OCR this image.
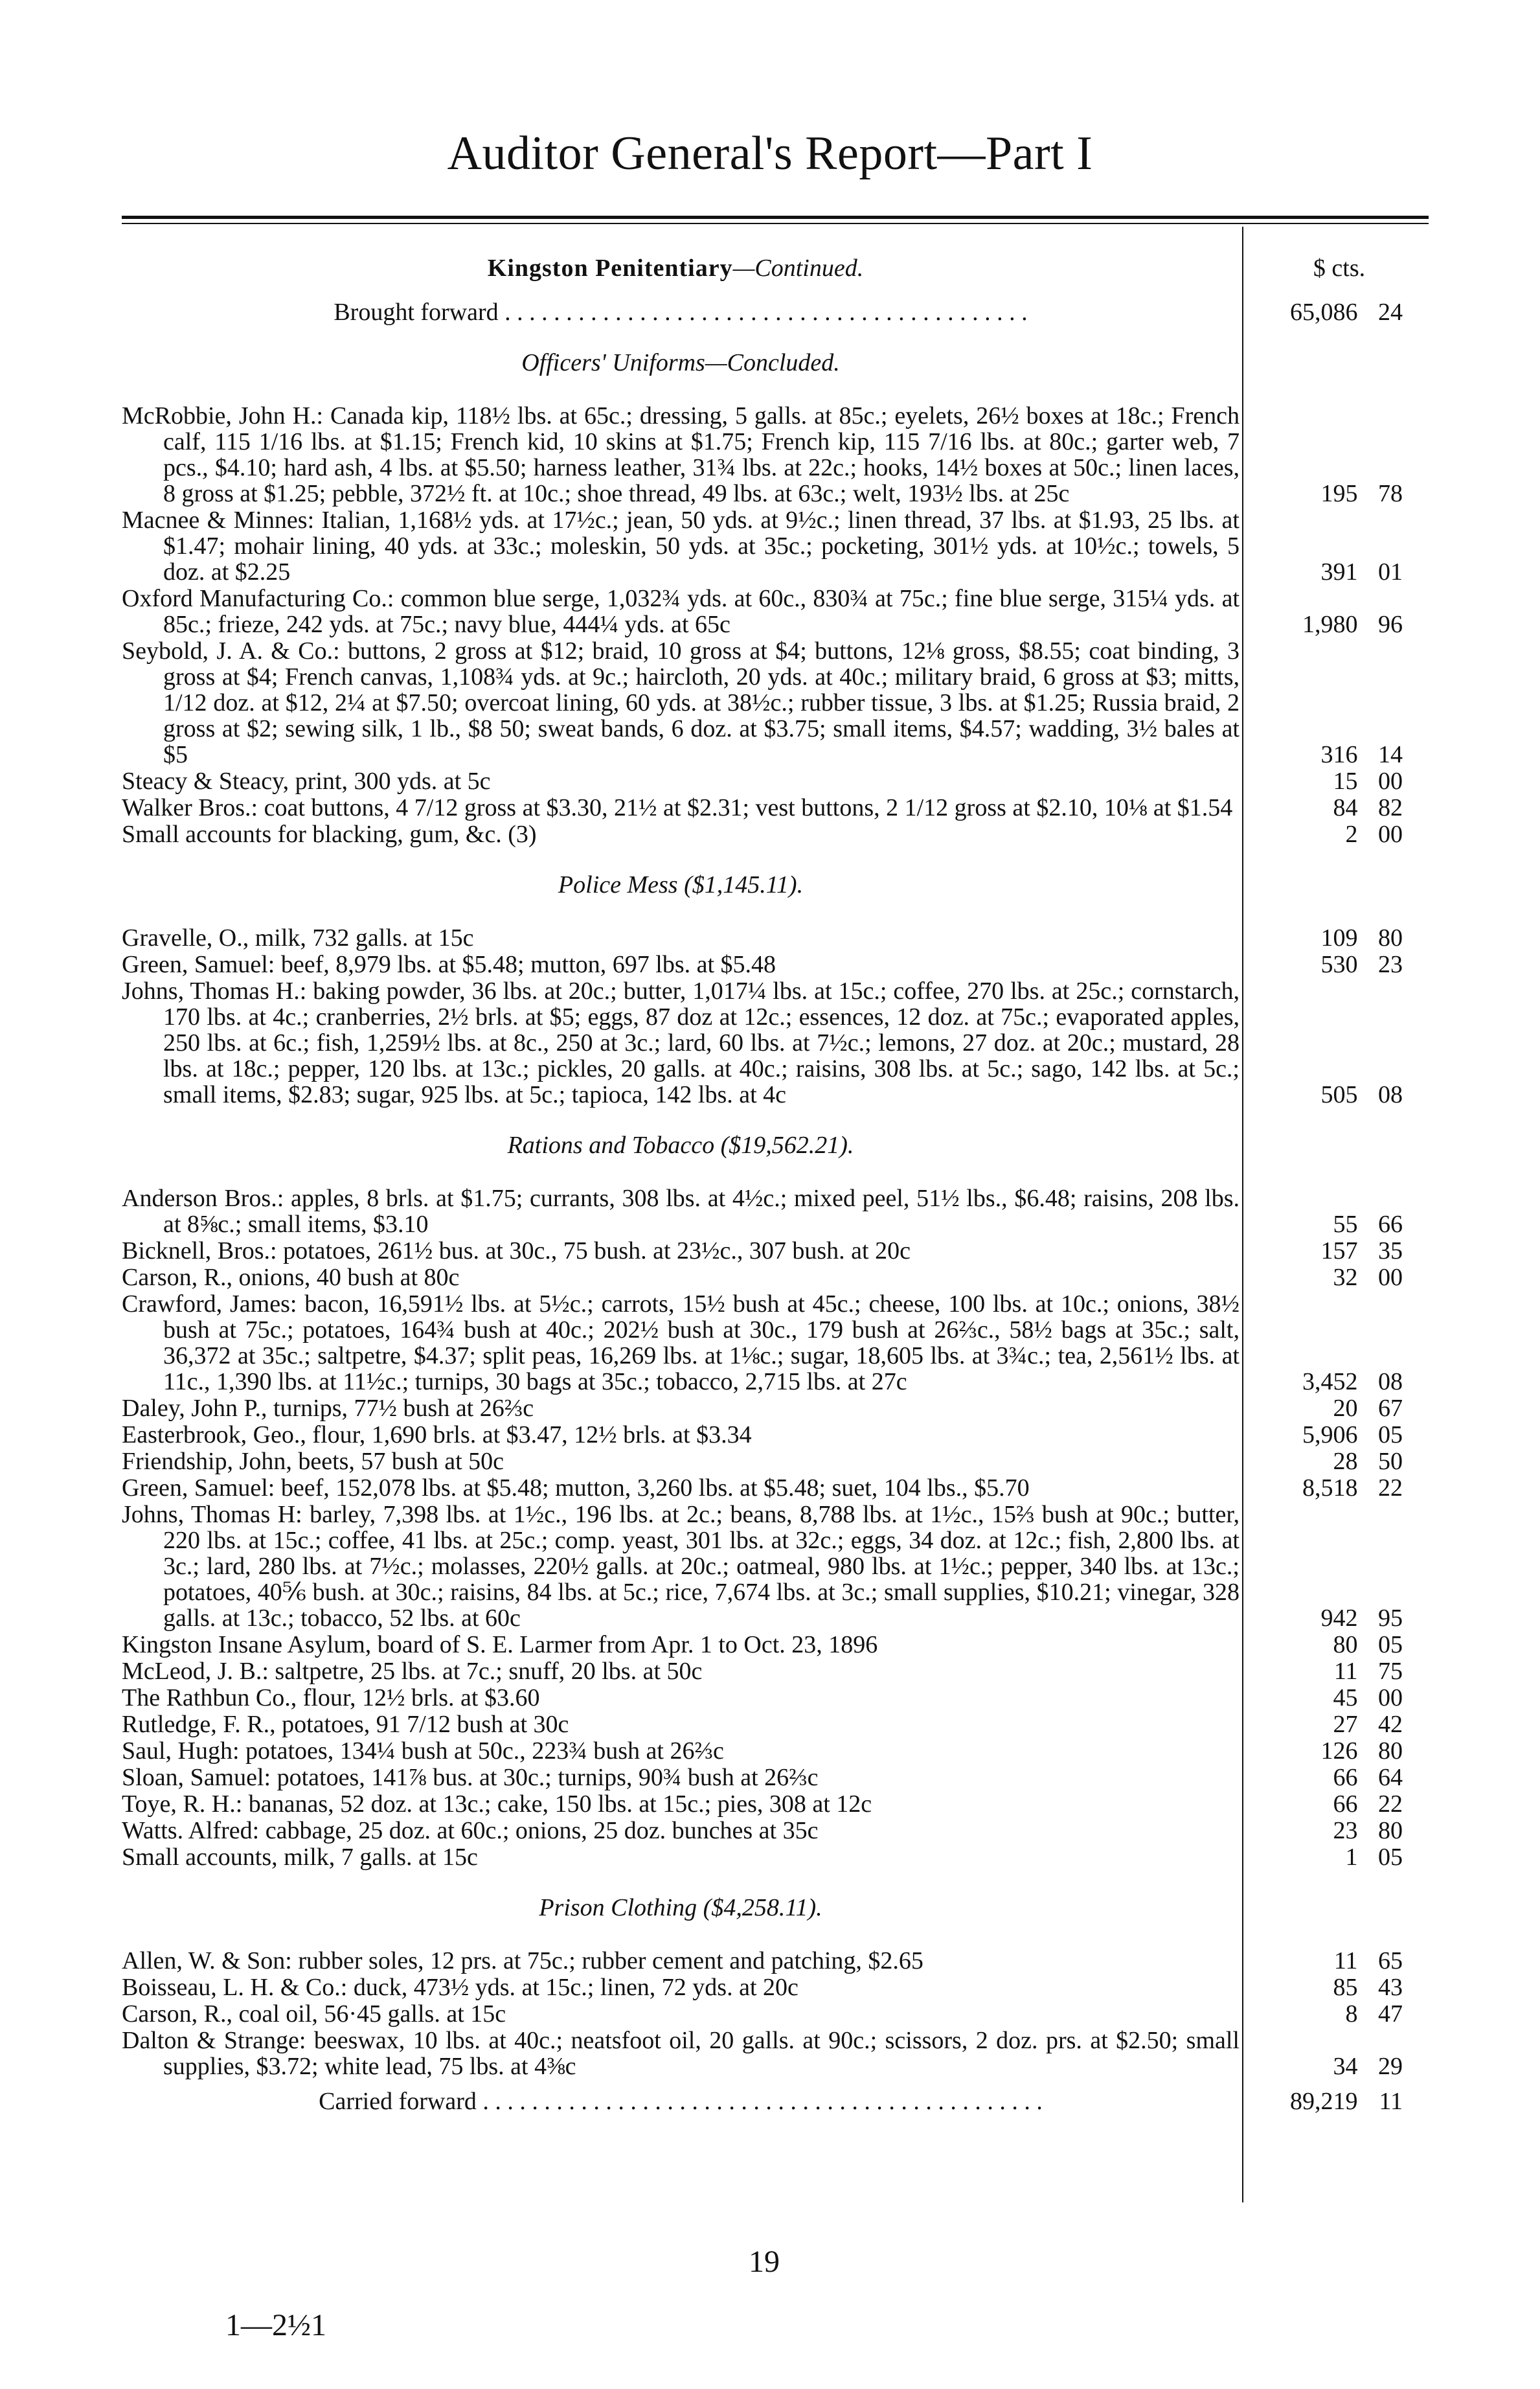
Auditor General's Report—Part I
Kingston Penitentiary—Continued.	$ cts.
Brought forward . . . . . . . . . . . . . . . . . . . . . . . . . . . . . . . . . . . . . . . . . . .	65,086 24
Officers' Uniforms—Concluded.
McRobbie, John H.: Canada kip, 118½ lbs. at 65c.; dressing, 5 galls. at 85c.; eyelets, 26½ boxes at 18c.; French calf, 115 1/16 lbs. at $1.15; French kid, 10 skins at $1.75; French kip, 115 7/16 lbs. at 80c.; garter web, 7 pcs., $4.10; hard ash, 4 lbs. at $5.50; harness leather, 31¾ lbs. at 22c.; hooks, 14½ boxes at 50c.; linen laces, 8 gross at $1.25; pebble, 372½ ft. at 10c.; shoe thread, 49 lbs. at 63c.; welt, 193½ lbs. at 25c	195 78
Macnee & Minnes: Italian, 1,168½ yds. at 17½c.; jean, 50 yds. at 9½c.; linen thread, 37 lbs. at $1.93, 25 lbs. at $1.47; mohair lining, 40 yds. at 33c.; moleskin, 50 yds. at 35c.; pocketing, 301½ yds. at 10½c.; towels, 5 doz. at $2.25	391 01
Oxford Manufacturing Co.: common blue serge, 1,032¾ yds. at 60c., 830¾ at 75c.; fine blue serge, 315¼ yds. at 85c.; frieze, 242 yds. at 75c.; navy blue, 444¼ yds. at 65c	1,980 96
Seybold, J. A. & Co.: buttons, 2 gross at $12; braid, 10 gross at $4; buttons, 12⅛ gross, $8.55; coat binding, 3 gross at $4; French canvas, 1,108¾ yds. at 9c.; haircloth, 20 yds. at 40c.; military braid, 6 gross at $3; mitts, 1/12 doz. at $12, 2¼ at $7.50; overcoat lining, 60 yds. at 38½c.; rubber tissue, 3 lbs. at $1.25; Russia braid, 2 gross at $2; sewing silk, 1 lb., $8 50; sweat bands, 6 doz. at $3.75; small items, $4.57; wadding, 3½ bales at $5	316 14
Steacy & Steacy, print, 300 yds. at 5c	15 00
Walker Bros.: coat buttons, 4 7/12 gross at $3.30, 21½ at $2.31; vest buttons, 2 1/12 gross at $2.10, 10⅛ at $1.54	84 82
Small accounts for blacking, gum, &c. (3)	2 00
Police Mess ($1,145.11).
Gravelle, O., milk, 732 galls. at 15c	109 80
Green, Samuel: beef, 8,979 lbs. at $5.48; mutton, 697 lbs. at $5.48	530 23
Johns, Thomas H.: baking powder, 36 lbs. at 20c.; butter, 1,017¼ lbs. at 15c.; coffee, 270 lbs. at 25c.; cornstarch, 170 lbs. at 4c.; cranberries, 2½ brls. at $5; eggs, 87 doz at 12c.; essences, 12 doz. at 75c.; evaporated apples, 250 lbs. at 6c.; fish, 1,259½ lbs. at 8c., 250 at 3c.; lard, 60 lbs. at 7½c.; lemons, 27 doz. at 20c.; mustard, 28 lbs. at 18c.; pepper, 120 lbs. at 13c.; pickles, 20 galls. at 40c.; raisins, 308 lbs. at 5c.; sago, 142 lbs. at 5c.; small items, $2.83; sugar, 925 lbs. at 5c.; tapioca, 142 lbs. at 4c	505 08
Rations and Tobacco ($19,562.21).
Anderson Bros.: apples, 8 brls. at $1.75; currants, 308 lbs. at 4½c.; mixed peel, 51½ lbs., $6.48; raisins, 208 lbs. at 8⅝c.; small items, $3.10	55 66
Bicknell, Bros.: potatoes, 261½ bus. at 30c., 75 bush. at 23½c., 307 bush. at 20c	157 35
Carson, R., onions, 40 bush at 80c	32 00
Crawford, James: bacon, 16,591½ lbs. at 5½c.; carrots, 15½ bush at 45c.; cheese, 100 lbs. at 10c.; onions, 38½ bush at 75c.; potatoes, 164¾ bush at 40c.; 202½ bush at 30c., 179 bush at 26⅔c., 58½ bags at 35c.; salt, 36,372 at 35c.; saltpetre, $4.37; split peas, 16,269 lbs. at 1⅛c.; sugar, 18,605 lbs. at 3¾c.; tea, 2,561½ lbs. at 11c., 1,390 lbs. at 11½c.; turnips, 30 bags at 35c.; tobacco, 2,715 lbs. at 27c	3,452 08
Daley, John P., turnips, 77½ bush at 26⅔c	20 67
Easterbrook, Geo., flour, 1,690 brls. at $3.47, 12½ brls. at $3.34	5,906 05
Friendship, John, beets, 57 bush at 50c	28 50
Green, Samuel: beef, 152,078 lbs. at $5.48; mutton, 3,260 lbs. at $5.48; suet, 104 lbs., $5.70	8,518 22
Johns, Thomas H: barley, 7,398 lbs. at 1½c., 196 lbs. at 2c.; beans, 8,788 lbs. at 1½c., 15⅔ bush at 90c.; butter, 220 lbs. at 15c.; coffee, 41 lbs. at 25c.; comp. yeast, 301 lbs. at 32c.; eggs, 34 doz. at 12c.; fish, 2,800 lbs. at 3c.; lard, 280 lbs. at 7½c.; molasses, 220½ galls. at 20c.; oatmeal, 980 lbs. at 1½c.; pepper, 340 lbs. at 13c.; potatoes, 40⅚ bush. at 30c.; raisins, 84 lbs. at 5c.; rice, 7,674 lbs. at 3c.; small supplies, $10.21; vinegar, 328 galls. at 13c.; tobacco, 52 lbs. at 60c	942 95
Kingston Insane Asylum, board of S. E. Larmer from Apr. 1 to Oct. 23, 1896	80 05
McLeod, J. B.: saltpetre, 25 lbs. at 7c.; snuff, 20 lbs. at 50c	11 75
The Rathbun Co., flour, 12½ brls. at $3.60	45 00
Rutledge, F. R., potatoes, 91 7/12 bush at 30c	27 42
Saul, Hugh: potatoes, 134¼ bush at 50c., 223¾ bush at 26⅔c	126 80
Sloan, Samuel: potatoes, 141⅞ bus. at 30c.; turnips, 90¾ bush at 26⅔c	66 64
Toye, R. H.: bananas, 52 doz. at 13c.; cake, 150 lbs. at 15c.; pies, 308 at 12c	66 22
Watts. Alfred: cabbage, 25 doz. at 60c.; onions, 25 doz. bunches at 35c	23 80
Small accounts, milk, 7 galls. at 15c	1 05
Prison Clothing ($4,258.11).
Allen, W. & Son: rubber soles, 12 prs. at 75c.; rubber cement and patching, $2.65	11 65
Boisseau, L. H. & Co.: duck, 473½ yds. at 15c.; linen, 72 yds. at 20c	85 43
Carson, R., coal oil, 56·45 galls. at 15c	8 47
Dalton & Strange: beeswax, 10 lbs. at 40c.; neatsfoot oil, 20 galls. at 90c.; scissors, 2 doz. prs. at $2.50; small supplies, $3.72; white lead, 75 lbs. at 4⅜c	34 29
Carried forward . . . . . . . . . . . . . . . . . . . . . . . . . . . . . . . . . . . . . . . . . . . . . .	89,219 11
19
1—2½1
